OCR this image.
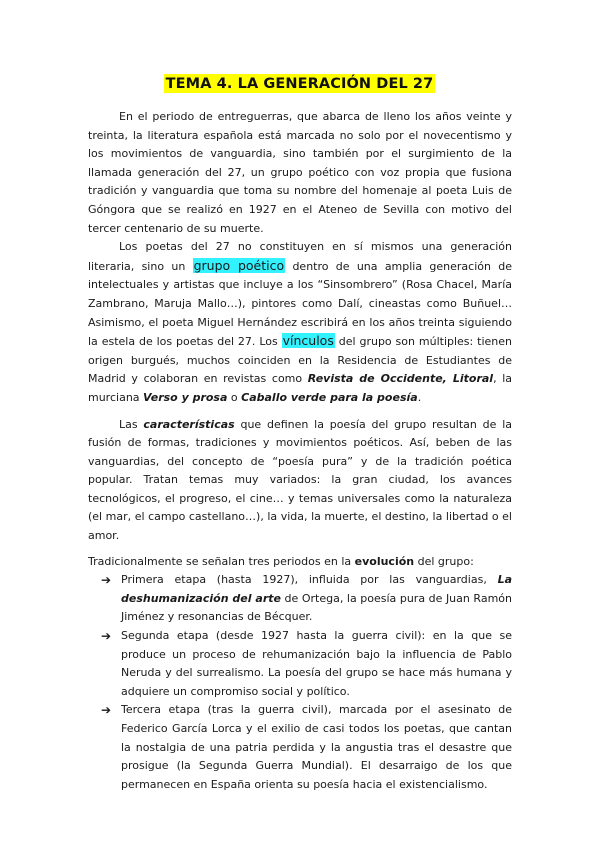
TEMA 4. LA GENERACIÓN DEL 27

En el periodo de entreguerras, que abarca de lleno los años veinte y treinta, la literatura española está marcada no solo por el novecentismo y los movimientos de vanguardia, sino también por el surgimiento de la llamada generación del 27, un grupo poético con voz propia que fusiona tradición y vanguardia que toma su nombre del homenaje al poeta Luis de Góngora que se realizó en 1927 en el Ateneo de Sevilla con motivo del tercer centenario de su muerte.

Los poetas del 27 no constituyen en sí mismos una generación literaria, sino un grupo poético dentro de una amplia generación de intelectuales y artistas que incluye a los “Sinsombrero” (Rosa Chacel, María Zambrano, Maruja Mallo…), pintores como Dalí, cineastas como Buñuel… Asimismo, el poeta Miguel Hernández escribirá en los años treinta siguiendo la estela de los poetas del 27. Los vínculos del grupo son múltiples: tienen origen burgués, muchos coinciden en la Residencia de Estudiantes de Madrid y colaboran en revistas como Revista de Occidente, Litoral, la murciana Verso y prosa o Caballo verde para la poesía.

Las características que definen la poesía del grupo resultan de la fusión de formas, tradiciones y movimientos poéticos. Así, beben de las vanguardias, del concepto de “poesía pura” y de la tradición poética popular. Tratan temas muy variados: la gran ciudad, los avances tecnológicos, el progreso, el cine… y temas universales como la naturaleza (el mar, el campo castellano…), la vida, la muerte, el destino, la libertad o el amor.

Tradicionalmente se señalan tres periodos en la evolución del grupo:

➔ Primera etapa (hasta 1927), influida por las vanguardias, La deshumanización del arte de Ortega, la poesía pura de Juan Ramón Jiménez y resonancias de Bécquer.
➔ Segunda etapa (desde 1927 hasta la guerra civil): en la que se produce un proceso de rehumanización bajo la influencia de Pablo Neruda y del surrealismo. La poesía del grupo se hace más humana y adquiere un compromiso social y político.
➔ Tercera etapa (tras la guerra civil), marcada por el asesinato de Federico García Lorca y el exilio de casi todos los poetas, que cantan la nostalgia de una patria perdida y la angustia tras el desastre que prosigue (la Segunda Guerra Mundial). El desarraigo de los que permanecen en España orienta su poesía hacia el existencialismo.
